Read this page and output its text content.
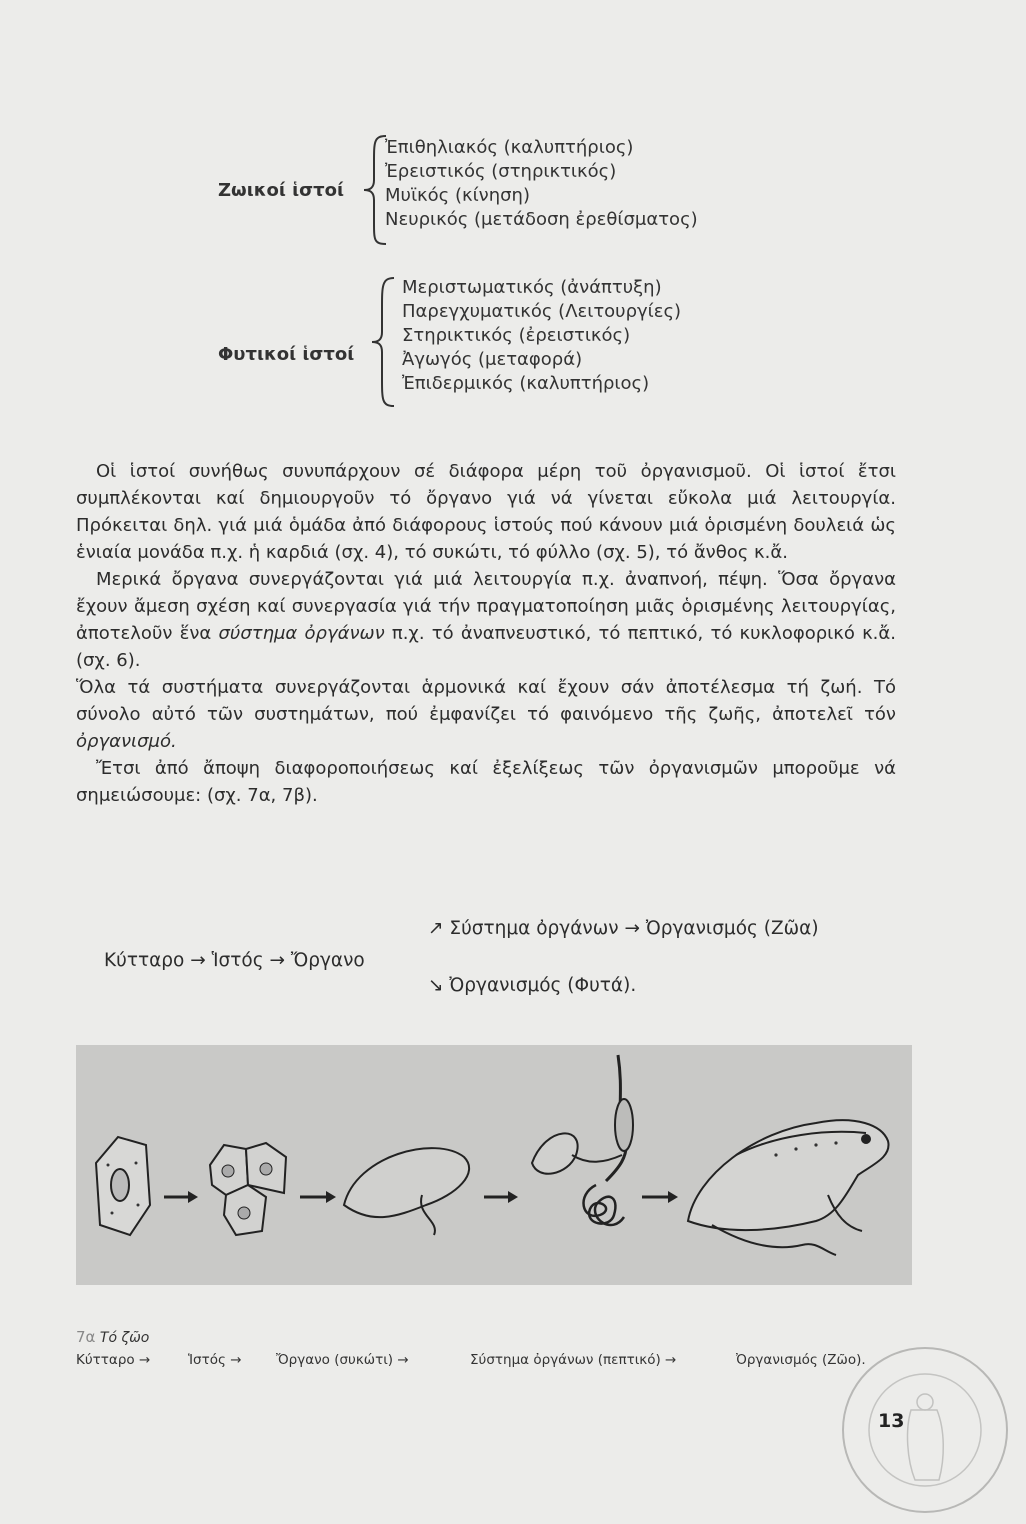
Ζωικοί ἱστοί
Ἐπιθηλιακός (καλυπτήριος)
Ἐρειστικός (στηρικτικός)
Μυϊκός (κίνηση)
Νευρικός (μετάδοση ἐρεθίσματος)
Φυτικοί ἱστοί
Μεριστωματικός (ἀνάπτυξη)
Παρεγχυματικός (Λειτουργίες)
Στηρικτικός (ἐρειστικός)
Ἀγωγός (μεταφορά)
Ἐπιδερμικός (καλυπτήριος)

Οἱ ἱστοί συνήθως συνυπάρχουν σέ διάφορα μέρη τοῦ ὀργανισμοῦ. Οἱ ἱστοί ἔτσι συμπλέκονται καί δημιουργοῦν τό ὄργανο γιά νά γίνεται εὔκολα μιά λειτουργία. Πρόκειται δηλ. γιά μιά ὁμάδα ἀπό διάφορους ἱστούς πού κάνουν μιά ὁρισμένη δουλειά ὡς ἑνιαία μονάδα π.χ. ἡ καρδιά (σχ. 4), τό συκώτι, τό φύλλο (σχ. 5), τό ἄνθος κ.ἄ.

Μερικά ὄργανα συνεργάζονται γιά μιά λειτουργία π.χ. ἀναπνοή, πέψη. Ὅσα ὄργανα ἔχουν ἄμεση σχέση καί συνεργασία γιά τήν πραγματοποίηση μιᾶς ὁρισμένης λειτουργίας, ἀποτελοῦν ἕνα σύστημα ὀργάνων π.χ. τό ἀναπνευστικό, τό πεπτικό, τό κυκλοφορικό κ.ἄ. (σχ. 6).

Ὅλα τά συστήματα συνεργάζονται ἁρμονικά καί ἔχουν σάν ἀποτέλεσμα τή ζωή. Τό σύνολο αὐτό τῶν συστημάτων, πού ἐμφανίζει τό φαινόμενο τῆς ζωῆς, ἀποτελεῖ τόν ὀργανισμό.

Ἔτσι ἀπό ἄποψη διαφοροποιήσεως καί ἐξελίξεως τῶν ὀργανισμῶν μποροῦμε νά σημειώσουμε: (σχ. 7α, 7β).

Κύτταρο → Ἱστός → Ὄργανο
↗ Σύστημα ὀργάνων → Ὀργανισμός (Ζῶα)
↘ Ὀργανισμός (Φυτά).
7α Τό ζῶο
Κύτταρο →	Ἱστός →	Ὄργανο (συκώτι) →	Σύστημα ὀργάνων (πεπτικό) →	Ὀργανισμός (Ζῶο).
13
